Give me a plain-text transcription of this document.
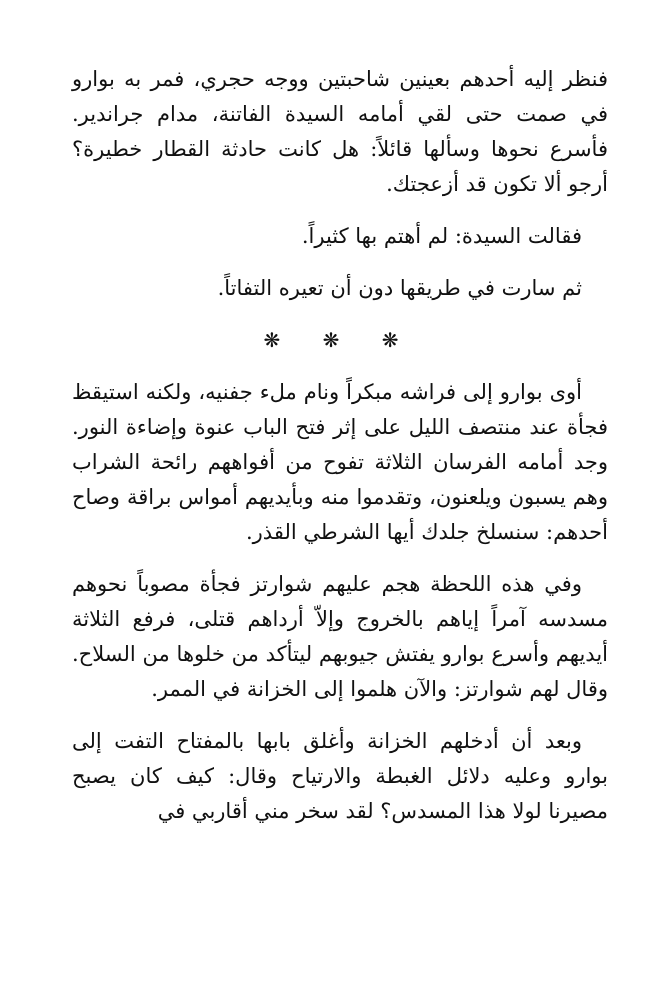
فنظر إليه أحدهم بعينين شاحبتين ووجه حجري، فمر به بوارو في صمت حتى لقي أمامه السيدة الفاتنة، مدام جراندير. فأسرع نحوها وسألها قائلاً: هل كانت حادثة القطار خطيرة؟ أرجو ألا تكون قد أزعجتك.

فقالت السيدة: لم أهتم بها كثيراً.

ثم سارت في طريقها دون أن تعيره التفاتاً.

❋ ❋ ❋

أوى بوارو إلى فراشه مبكراً ونام ملء جفنيه، ولكنه استيقظ فجأة عند منتصف الليل على إثر فتح الباب عنوة وإضاءة النور. وجد أمامه الفرسان الثلاثة تفوح من أفواههم رائحة الشراب وهم يسبون ويلعنون، وتقدموا منه وبأيديهم أمواس براقة وصاح أحدهم: سنسلخ جلدك أيها الشرطي القذر.

وفي هذه اللحظة هجم عليهم شوارتز فجأة مصوباً نحوهم مسدسه آمراً إياهم بالخروج وإلاّ أرداهم قتلى، فرفع الثلاثة أيديهم وأسرع بوارو يفتش جيوبهم ليتأكد من خلوها من السلاح. وقال لهم شوارتز: والآن هلموا إلى الخزانة في الممر.

وبعد أن أدخلهم الخزانة وأغلق بابها بالمفتاح التفت إلى بوارو وعليه دلائل الغبطة والارتياح وقال: كيف كان يصبح مصيرنا لولا هذا المسدس؟ لقد سخر مني أقاربي في
